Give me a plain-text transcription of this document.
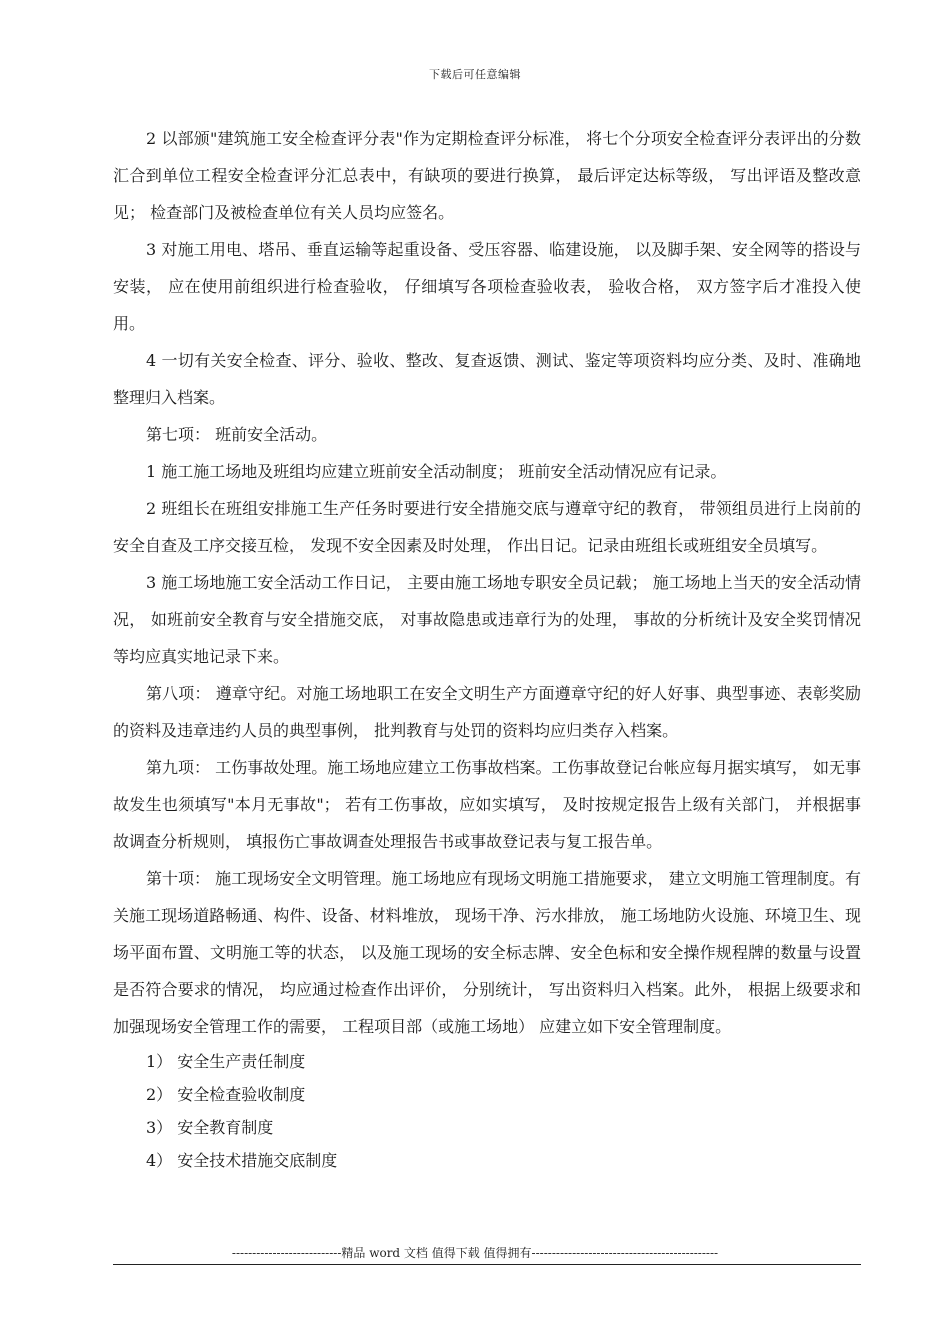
下载后可任意编辑

2 以部颁"建筑施工安全检查评分表"作为定期检查评分标准， 将七个分项安全检查评分表评出的分数汇合到单位工程安全检查评分汇总表中，有缺项的要进行换算， 最后评定达标等级， 写出评语及整改意见； 检查部门及被检查单位有关人员均应签名。

3 对施工用电、塔吊、垂直运输等起重设备、受压容器、临建设施， 以及脚手架、安全网等的搭设与安装， 应在使用前组织进行检查验收， 仔细填写各项检查验收表， 验收合格， 双方签字后才准投入使用。

4 一切有关安全检查、评分、验收、整改、复查返馈、测试、鉴定等项资料均应分类、及时、准确地整理归入档案。

第七项： 班前安全活动。

1 施工施工场地及班组均应建立班前安全活动制度； 班前安全活动情况应有记录。

2 班组长在班组安排施工生产任务时要进行安全措施交底与遵章守纪的教育， 带领组员进行上岗前的安全自查及工序交接互检， 发现不安全因素及时处理， 作出日记。记录由班组长或班组安全员填写。

3 施工场地施工安全活动工作日记， 主要由施工场地专职安全员记载； 施工场地上当天的安全活动情况， 如班前安全教育与安全措施交底， 对事故隐患或违章行为的处理， 事故的分析统计及安全奖罚情况等均应真实地记录下来。

第八项： 遵章守纪。对施工场地职工在安全文明生产方面遵章守纪的好人好事、典型事迹、表彰奖励的资料及违章违约人员的典型事例， 批判教育与处罚的资料均应归类存入档案。

第九项： 工伤事故处理。施工场地应建立工伤事故档案。工伤事故登记台帐应每月据实填写， 如无事故发生也须填写"本月无事故"； 若有工伤事故，应如实填写， 及时按规定报告上级有关部门， 并根据事故调查分析规则， 填报伤亡事故调查处理报告书或事故登记表与复工报告单。

第十项： 施工现场安全文明管理。施工场地应有现场文明施工措施要求， 建立文明施工管理制度。有关施工现场道路畅通、构件、设备、材料堆放， 现场干净、污水排放， 施工场地防火设施、环境卫生、现场平面布置、文明施工等的状态， 以及施工现场的安全标志牌、安全色标和安全操作规程牌的数量与设置是否符合要求的情况， 均应通过检查作出评价， 分别统计， 写出资料归入档案。此外， 根据上级要求和加强现场安全管理工作的需要， 工程项目部（或施工场地） 应建立如下安全管理制度。

1） 安全生产责任制度

2） 安全检查验收制度

3） 安全教育制度

4） 安全技术措施交底制度

---------------------------精品 word 文档 值得下载 值得拥有----------------------------------------------
